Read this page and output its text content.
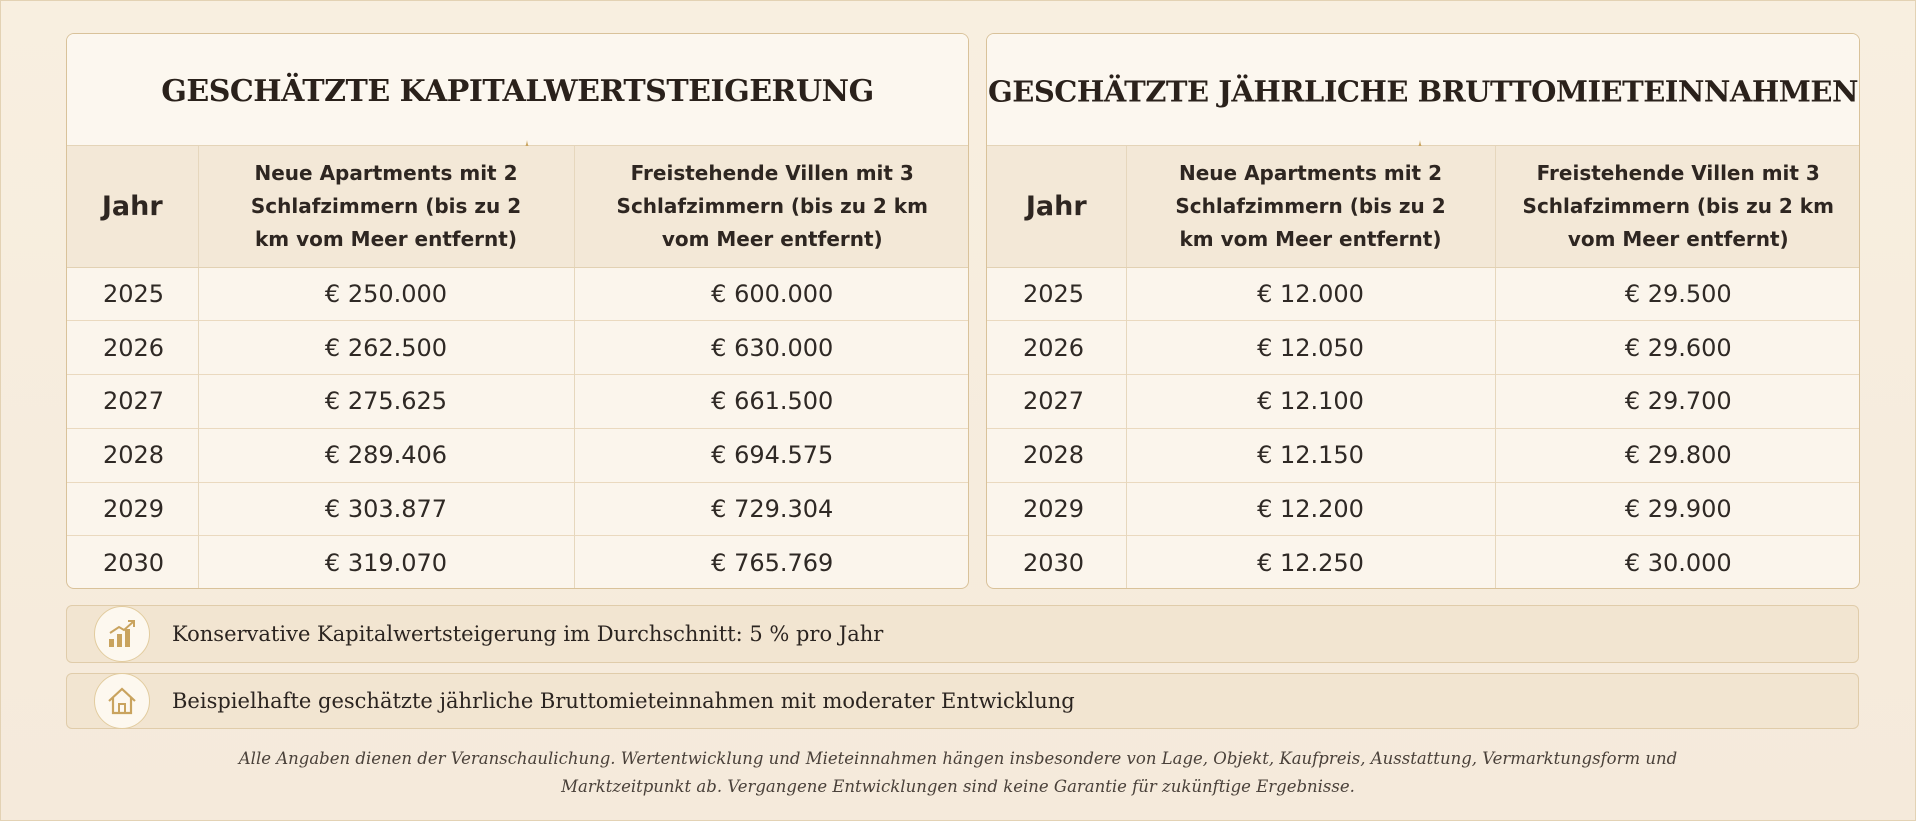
GESCHÄTZTE KAPITALWERTSTEIGERUNG
Jahr	Neue Apartments mit 2 Schlafzimmern (bis zu 2 km vom Meer entfernt)	Freistehende Villen mit 3 Schlafzimmern (bis zu 2 km vom Meer entfernt)

2025	€ 250.000	€ 600.000
2026	€ 262.500	€ 630.000
2027	€ 275.625	€ 661.500
2028	€ 289.406	€ 694.575
2029	€ 303.877	€ 729.304
2030	€ 319.070	€ 765.769
GESCHÄTZTE JÄHRLICHE BRUTTOMIETEINNAHMEN
Jahr	Neue Apartments mit 2 Schlafzimmern (bis zu 2 km vom Meer entfernt)	Freistehende Villen mit 3 Schlafzimmern (bis zu 2 km vom Meer entfernt)

2025	€ 12.000	€ 29.500
2026	€ 12.050	€ 29.600
2027	€ 12.100	€ 29.700
2028	€ 12.150	€ 29.800
2029	€ 12.200	€ 29.900
2030	€ 12.250	€ 30.000
Konservative Kapitalwertsteigerung im Durchschnitt: 5 % pro Jahr
Beispielhafte geschätzte jährliche Bruttomieteinnahmen mit moderater Entwicklung
Alle Angaben dienen der Veranschaulichung. Wertentwicklung und Mieteinnahmen hängen insbesondere von Lage, Objekt, Kaufpreis, Ausstattung, Vermarktungsform und
Marktzeitpunkt ab. Vergangene Entwicklungen sind keine Garantie für zukünftige Ergebnisse.
